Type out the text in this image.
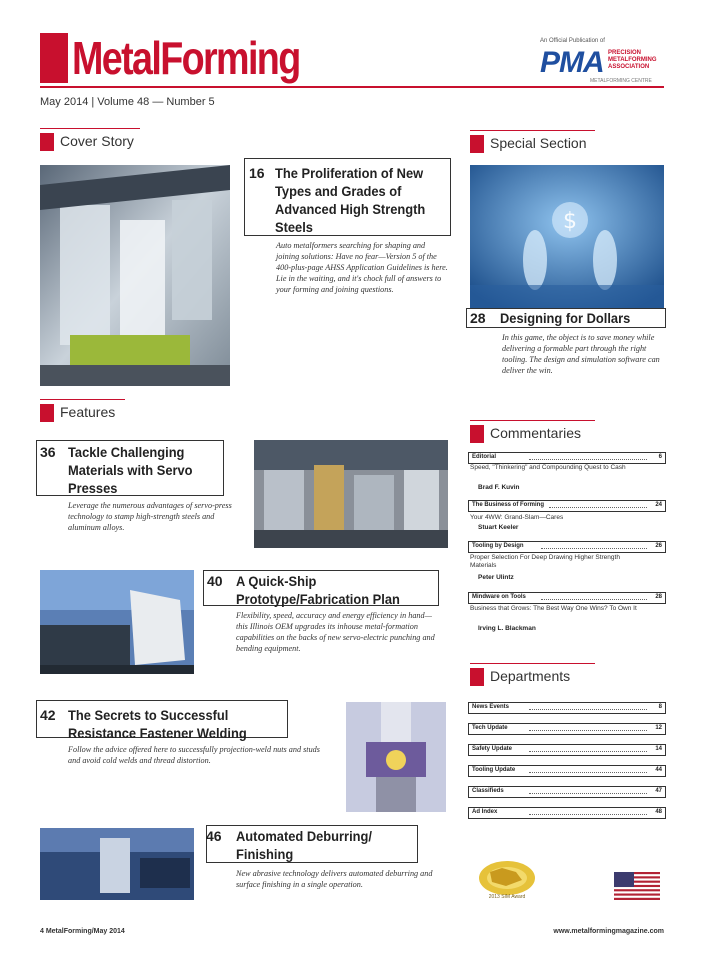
MetalForming	An Official Publication of
PMA PRECISION METALFORMING ASSOCIATION
METALFORMING CENTRE
May 2014 | Volume 48 — Number 5
Cover Story	Special Section
16 The Proliferation of New Types and Grades of Advanced High Strength Steels
Auto metalformers searching for shaping and joining solutions: Have no fear—Version 5 of the 400-plus-page AHSS Application Guidelines is here. Lie in the waiting, and it's chock full of answers to your forming and joining questions.
$
28 Designing for Dollars
In this game, the object is to save money while delivering a formable part through the right tooling. The design and simulation software can deliver the win.
Features
36 Tackle Challenging Materials with Servo Presses
Leverage the numerous advantages of servo-press technology to stamp high-strength steels and aluminum alloys.
40 A Quick-Ship Prototype/Fabrication Plan
Flexibility, speed, accuracy and energy efficiency in hand—this Illinois OEM upgrades its inhouse metal-formation capabilities on the backs of new servo-electric punching and bending equipment.
42 The Secrets to Successful Resistance Fastener Welding
Follow the advice offered here to successfully projection-weld nuts and studs and avoid cold welds and thread distortion.
46 Automated Deburring/ Finishing
New abrasive technology delivers automated deburring and surface finishing in a single operation.
Commentaries
Editorial	6
Speed, "Thinkering" and Compounding Quest to Cash
Brad F. Kuvin
The Business of Forming	24
Your 4WW: Grand-Slam—Cares
Stuart Keeler
Tooling by Design	26
Proper Selection For Deep Drawing Higher Strength Materials
Peter Ulintz
Mindware on Tools	28
Business that Grows: The Best Way One Wins? To Own It
Irving L. Blackman
Departments
News Events	8
Tech Update	12
Safety Update	14
Tooling Update	44
Classifieds	47
Ad Index	48
2013 SIM Award
4 MetalForming/May 2014	www.metalformingmagazine.com
